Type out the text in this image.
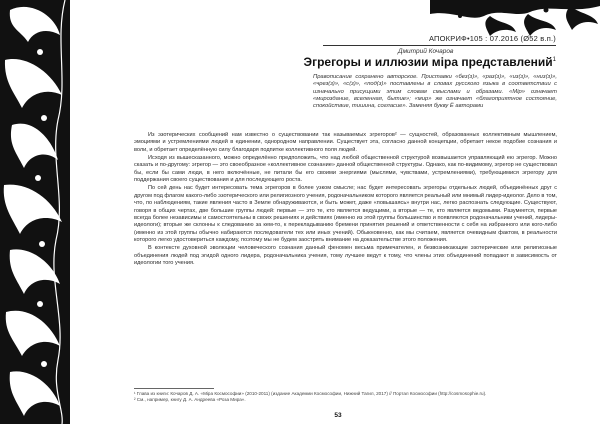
АПОКРИФ•105 : 07.2016 (Ø52 в.п.)
Дмитрий Кочаров
Эгрегоры и иллюзии міра представлений$^1$
Правописание сохранено авторское. Приставки «без(з)», «раз(з)», «из(з)», «низ(з)», «чрез(з)», «с(з)», «под(з)» поставлены в словах русского языка в соответствии с изначально присущими этим словам смыслами и образами. «Мiр» означает «мироздание, вселенная, бытие»; «мир» же означает «благоприятное состояние, спокойствие, тишина, согласие». Заменяя букву Ё авторами

Из эзотерических сообщений нам известно о существовании так называемых эгрегоров² — сущностей, образованных коллективным мышлением, эмоциями и устремлениями людей в единении, однородном направлении. Существует эта, согласно данной концепции, обретает некое подобие сознания и воли, и обретает определённую силу благодаря подпитке коллективного поля людей.

Исходя из вышесказанного, можно определённо предположить, что над любой общественной структурой возвышается управляющий ею эгрегор. Можно сказать и по-другому: эгрегор — это своеобразное «коллективное сознание» данной общественной структуры. Однако, как по-видимому, эгрегор не существовал бы, если бы сами люди, в него включённые, не питали бы его своими энергиями (мыслями, чувствами, устремлениями), требующимися эгрегору для поддержания своего существования и для последующего роста.

По сей день нас будет интересовать тема эгрегоров в более узком смысле; нас будет интересовать эгрегоры отдельных людей, объединённых друг с другом под флагом какого-либо эзотерического или религиозного учения, родоначальником которого является реальный или мнимый лидер-идеолог. Дело в том, что, по наблюдениям, такие явления часто в Земле обнаруживаются, и быть может, даже «повышаясь» внутри нас, легко распознать следующие. Существуют, говоря в общих чертах, две большие группы людей: первые — это те, кто является ведущими, а вторые — те, кто является ведомыми. Разумеется, первые всегда более независимы и самостоятельны в своих решениях и действиях (именно из этой группы большинство и появляются родоначальники учений, лидеры-идеологи); вторые же склонны к следованию за кем-то, к перекладыванию бремени принятия решений и ответственности с себя на избранного или кого-либо (именно из этой группы обычно набираются последователи тех или иных учений). Обыкновенно, как мы считаем, является очевидным фактом, в реальности которого легко удостовериться каждому, поэтому мы не будем заострять внимание на доказательстве этого положения.

В контексте духовной эволюции человеческого сознания данный феномен весьма примечателен, и безвозникающие эзотерические или религиозные объединения людей под эгидой одного лидера, родоначальника учения, тому лучшее ведут к тому, что члены этих объединений попадают в зависимость от идеологии того учения.

¹ Глава из книги: Кочаров Д. А. «Мiра Космософии» (2010-2011) (издание Академии Космософии, Нижний Тагил, 2017) // Портал Космософии (http://cosmosophie.ru).
² См., например, книгу Д. А. Андреева «Роза Мира».
53
